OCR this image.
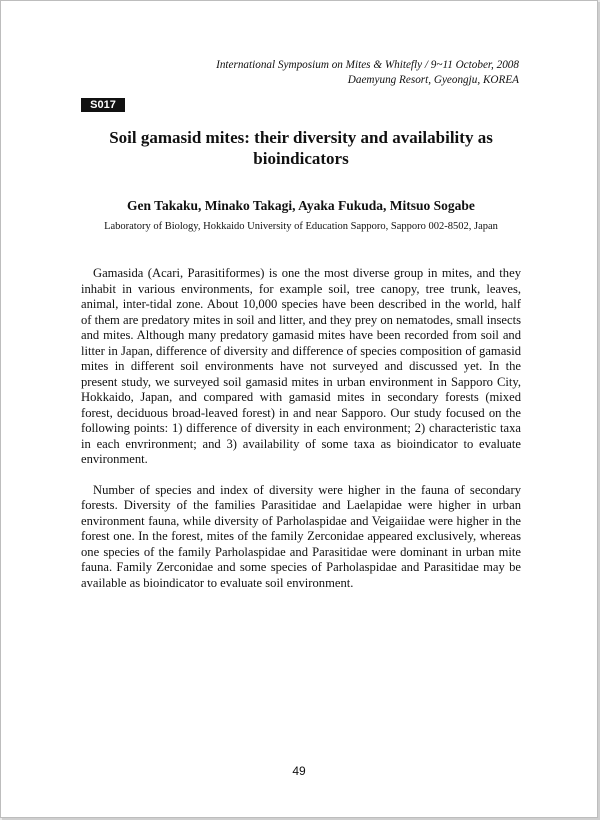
International Symposium on Mites & Whitefly / 9~11 October, 2008
Daemyung Resort, Gyeongju, KOREA
S017
Soil gamasid mites: their diversity and availability as bioindicators
Gen Takaku, Minako Takagi, Ayaka Fukuda, Mitsuo Sogabe
Laboratory of Biology, Hokkaido University of Education Sapporo, Sapporo 002-8502, Japan

Gamasida (Acari, Parasitiformes) is one the most diverse group in mites, and they inhabit in various environments, for example soil, tree canopy, tree trunk, leaves, animal, inter-tidal zone. About 10,000 species have been described in the world, half of them are predatory mites in soil and litter, and they prey on nematodes, small insects and mites. Although many predatory gamasid mites have been recorded from soil and litter in Japan, difference of diversity and difference of species composition of gamasid mites in different soil environments have not surveyed and discussed yet. In the present study, we surveyed soil gamasid mites in urban environment in Sapporo City, Hokkaido, Japan, and compared with gamasid mites in secondary forests (mixed forest, deciduous broad-leaved forest) in and near Sapporo. Our study focused on the following points: 1) difference of diversity in each environment; 2) characteristic taxa in each envrironment; and 3) availability of some taxa as bioindicator to evaluate environment.

Number of species and index of diversity were higher in the fauna of secondary forests. Diversity of the families Parasitidae and Laelapidae were higher in urban environment fauna, while diversity of Parholaspidae and Veigaiidae were higher in the forest one. In the forest, mites of the family Zerconidae appeared exclusively, whereas one species of the family Parholaspidae and Parasitidae were dominant in urban mite fauna. Family Zerconidae and some species of Parholaspidae and Parasitidae may be available as bioindicator to evaluate soil environment.

49
